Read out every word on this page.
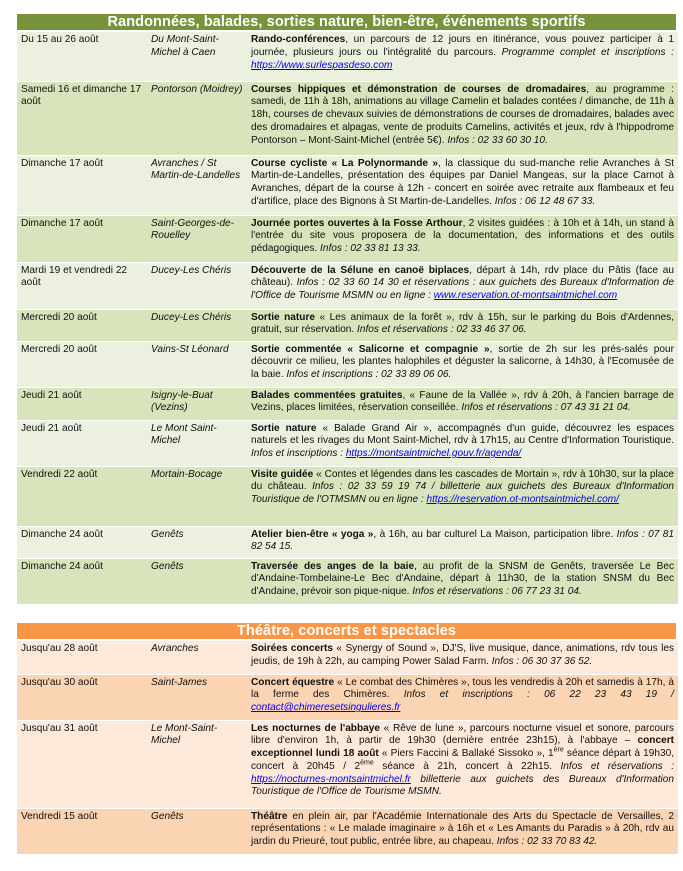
Randonnées, balades, sorties nature, bien-être, événements sportifs
Du 15 au 26 août	Du Mont-Saint-Michel à Caen	Rando-conférences, un parcours de 12 jours en itinérance, vous pouvez participer à 1 journée, plusieurs jours ou l'intégralité du parcours. Programme complet et inscriptions : https://www.surlespasdeso.com
Samedi 16 et dimanche 17 août	Pontorson (Moidrey)	Courses hippiques et démonstration de courses de dromadaires, au programme : samedi, de 11h à 18h, animations au village Camelin et balades contées / dimanche, de 11h à 18h, courses de chevaux suivies de démonstrations de courses de dromadaires, balades avec des dromadaires et alpagas, vente de produits Camelins, activités et jeux, rdv à l'hippodrome Pontorson – Mont-Saint-Michel (entrée 5€). Infos : 02 33 60 30 10.
Dimanche 17 août	Avranches / St Martin-de-Landelles	Course cycliste « La Polynormande », la classique du sud-manche relie Avranches à St Martin-de-Landelles, présentation des équipes par Daniel Mangeas, sur la place Carnot à Avranches, départ de la course à 12h - concert en soirée avec retraite aux flambeaux et feu d'artifice, place des Bignons à St Martin-de-Landelles. Infos : 06 12 48 67 33.
Dimanche 17 août	Saint-Georges-de-Rouelley	Journée portes ouvertes à la Fosse Arthour, 2 visites guidées : à 10h et à 14h, un stand à l'entrée du site vous proposera de la documentation, des informations et des outils pédagogiques. Infos : 02 33 81 13 33.
Mardi 19 et vendredi 22 août	Ducey-Les Chéris	Découverte de la Sélune en canoë biplaces, départ à 14h, rdv place du Pâtis (face au château). Infos : 02 33 60 14 30 et réservations : aux guichets des Bureaux d'Information de l'Office de Tourisme MSMN ou en ligne : www.reservation.ot-montsaintmichel.com
Mercredi 20 août	Ducey-Les Chéris	Sortie nature « Les animaux de la forêt », rdv à 15h, sur le parking du Bois d'Ardennes, gratuit, sur réservation. Infos et réservations : 02 33 46 37 06.
Mercredi 20 août	Vains-St Léonard	Sortie commentée « Salicorne et compagnie », sortie de 2h sur les prés-salés pour découvrir ce milieu, les plantes halophiles et déguster la salicorne, à 14h30, à l'Ecomusée de la baie. Infos et inscriptions : 02 33 89 06 06.
Jeudi 21 août	Isigny-le-Buat (Vezins)	Balades commentées gratuites, « Faune de la Vallée », rdv à 20h, à l'ancien barrage de Vezins, places limitées, réservation conseillée. Infos et réservations : 07 43 31 21 04.
Jeudi 21 août	Le Mont Saint-Michel	Sortie nature « Balade Grand Air », accompagnés d'un guide, découvrez les espaces naturels et les rivages du Mont Saint-Michel, rdv à 17h15, au Centre d'Information Touristique. Infos et inscriptions : https://montsaintmichel.gouv.fr/agenda/
Vendredi 22 août	Mortain-Bocage	Visite guidée « Contes et légendes dans les cascades de Mortain », rdv à 10h30, sur la place du château. Infos : 02 33 59 19 74 / billetterie aux guichets des Bureaux d'Information Touristique de l'OTMSMN ou en ligne : https://reservation.ot-montsaintmichel.com/
Dimanche 24 août	Genêts	Atelier bien-être « yoga », à 16h, au bar culturel La Maison, participation libre. Infos : 07 81 82 54 15.
Dimanche 24 août	Genêts	Traversée des anges de la baie, au profit de la SNSM de Genêts, traversée Le Bec d'Andaine-Tombelaine-Le Bec d'Andaine, départ à 11h30, de la station SNSM du Bec d'Andaine, prévoir son pique-nique. Infos et réservations : 06 77 23 31 04.
Théâtre, concerts et spectacles
Jusqu'au 28 août	Avranches	Soirées concerts « Synergy of Sound », DJ'S, live musique, dance, animations, rdv tous les jeudis, de 19h à 22h, au camping Power Salad Farm. Infos : 06 30 37 36 52.
Jusqu'au 30 août	Saint-James	Concert équestre « Le combat des Chimères », tous les vendredis à 20h et samedis à 17h, à la ferme des Chimères. Infos et inscriptions : 06 22 23 43 19 / contact@chimeresetsingulieres.fr
Jusqu'au 31 août	Le Mont-Saint-Michel	Les nocturnes de l'abbaye « Rêve de lune », parcours nocturne visuel et sonore, parcours libre d'environ 1h, à partir de 19h30 (dernière entrée 23h15), à l'abbaye – concert exceptionnel lundi 18 août « Piers Faccini & Ballaké Sissoko », 1ère séance départ à 19h30, concert à 20h45 / 2ème séance à 21h, concert à 22h15. Infos et réservations : https://nocturnes-montsaintmichel.fr billetterie aux guichets des Bureaux d'Information Touristique de l'Office de Tourisme MSMN.
Vendredi 15 août	Genêts	Théâtre en plein air, par l'Académie Internationale des Arts du Spectacle de Versailles, 2 représentations : « Le malade imaginaire » à 16h et « Les Amants du Paradis » à 20h, rdv au jardin du Prieuré, tout public, entrée libre, au chapeau. Infos : 02 33 70 83 42.
